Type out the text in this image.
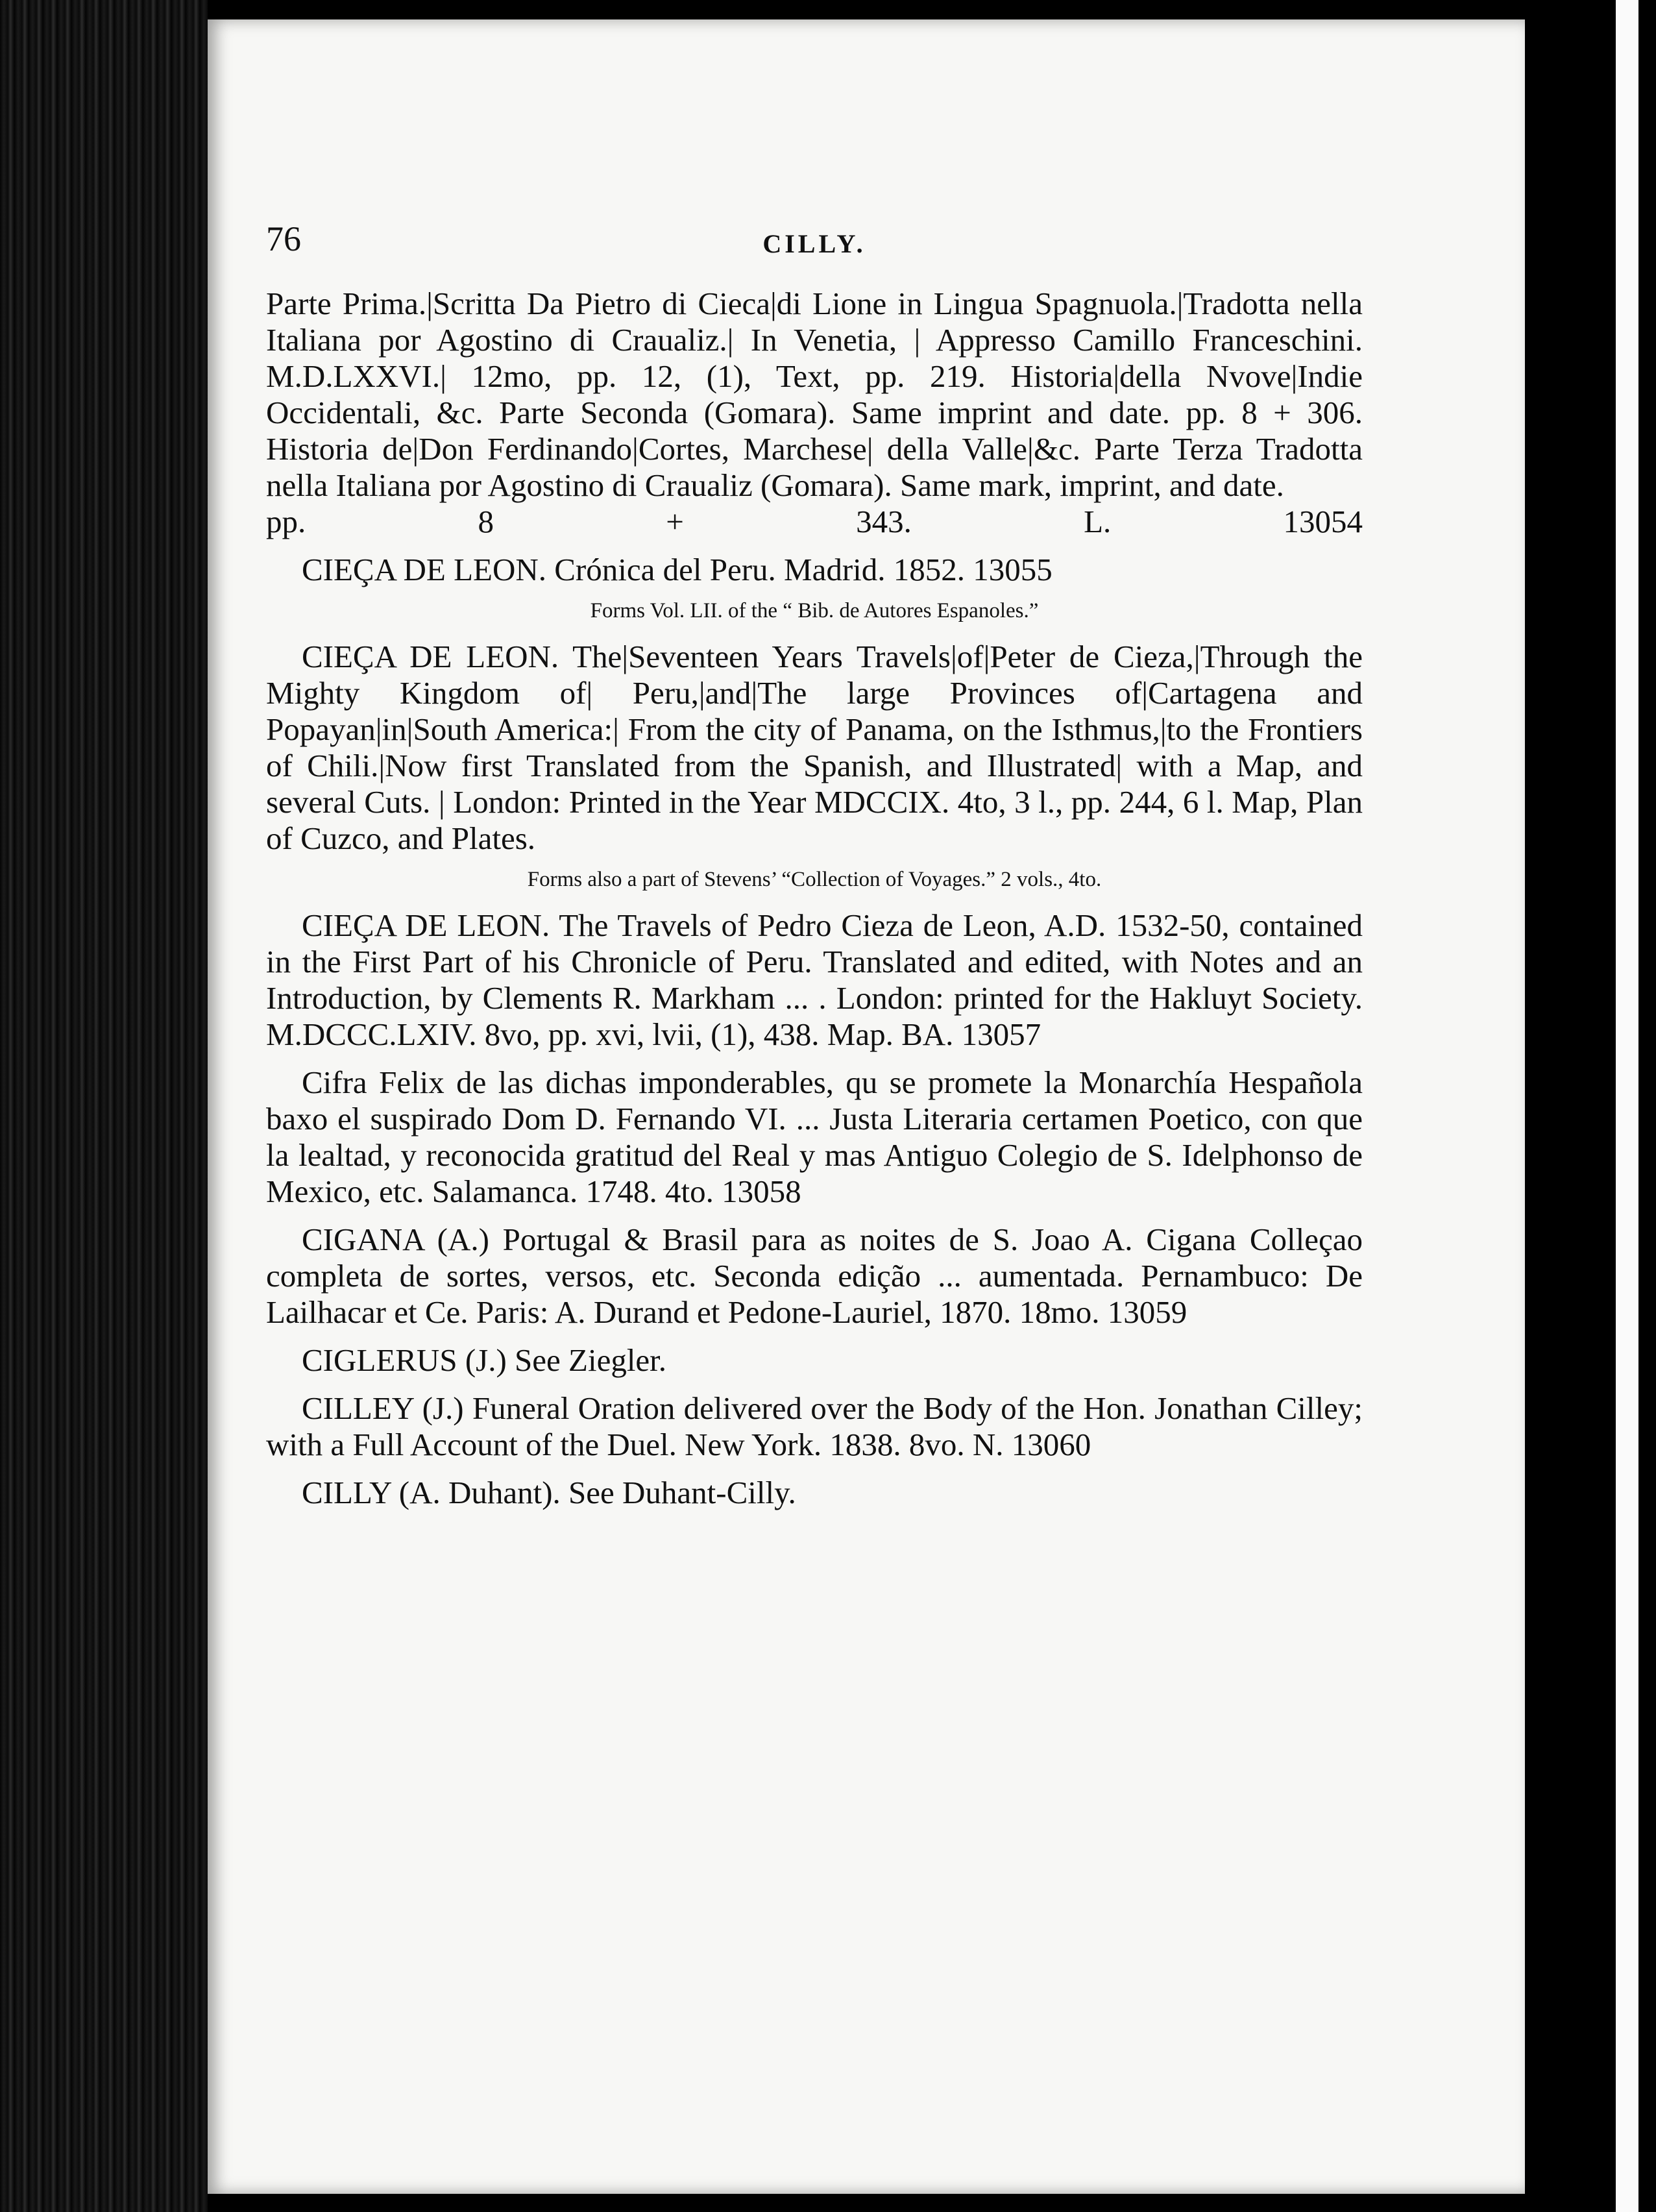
76	CILLY.
Parte Prima.|Scritta Da Pietro di Cieca|di Lione in Lingua Spagnuola.|Tradotta nella Italiana por Agostino di Craualiz.| In Venetia, | Appresso Camillo Franceschini. M.D.LXXVI.| 12mo, pp. 12, (1), Text, pp. 219. Historia|della Nvove|Indie Occidentali, &c. Parte Seconda (Gomara). Same imprint and date. pp. 8 + 306. Historia de|Don Ferdinando|Cortes, Marchese| della Valle|&c. Parte Terza Tradotta nella Italiana por Agostino di Craualiz (Gomara). Same mark, imprint, and date.
pp. 8 + 343.	L. 13054
CIEÇA DE LEON. Crónica del Peru. Madrid. 1852. 13055
Forms Vol. LII. of the “ Bib. de Autores Espanoles.”
CIEÇA DE LEON. The|Seventeen Years Travels|of|Peter de Cieza,|Through the Mighty Kingdom of| Peru,|and|The large Provinces of|Cartagena and Popayan|in|South America:| From the city of Panama, on the Isthmus,|to the Frontiers of Chili.|Now first Translated from the Spanish, and Illustrated| with a Map, and several Cuts. | London: Printed in the Year MDCCIX. 4to, 3 l., pp. 244, 6 l. Map, Plan of Cuzco, and Plates.
Forms also a part of Stevens’ “Collection of Voyages.” 2 vols., 4to.
CIEÇA DE LEON. The Travels of Pedro Cieza de Leon, A.D. 1532-50, contained in the First Part of his Chronicle of Peru. Translated and edited, with Notes and an Introduction, by Clements R. Markham ... . London: printed for the Hakluyt Society. M.DCCC.LXIV. 8vo, pp. xvi, lvii, (1), 438. Map. BA. 13057
Cifra Felix de las dichas imponderables, qu se promete la Monarchía Hespañola baxo el suspirado Dom D. Fernando VI. ... Justa Literaria certamen Poetico, con que la lealtad, y reconocida gratitud del Real y mas Antiguo Colegio de S. Idelphonso de Mexico, etc. Salamanca. 1748. 4to. 13058
CIGANA (A.) Portugal & Brasil para as noites de S. Joao A. Cigana Colleçao completa de sortes, versos, etc. Seconda edição ... aumentada. Pernambuco: De Lailhacar et Ce. Paris: A. Durand et Pedone-Lauriel, 1870. 18mo. 13059
CIGLERUS (J.) See Ziegler.
CILLEY (J.) Funeral Oration delivered over the Body of the Hon. Jonathan Cilley; with a Full Account of the Duel. New York. 1838. 8vo. N. 13060
CILLY (A. Duhant). See Duhant-Cilly.
